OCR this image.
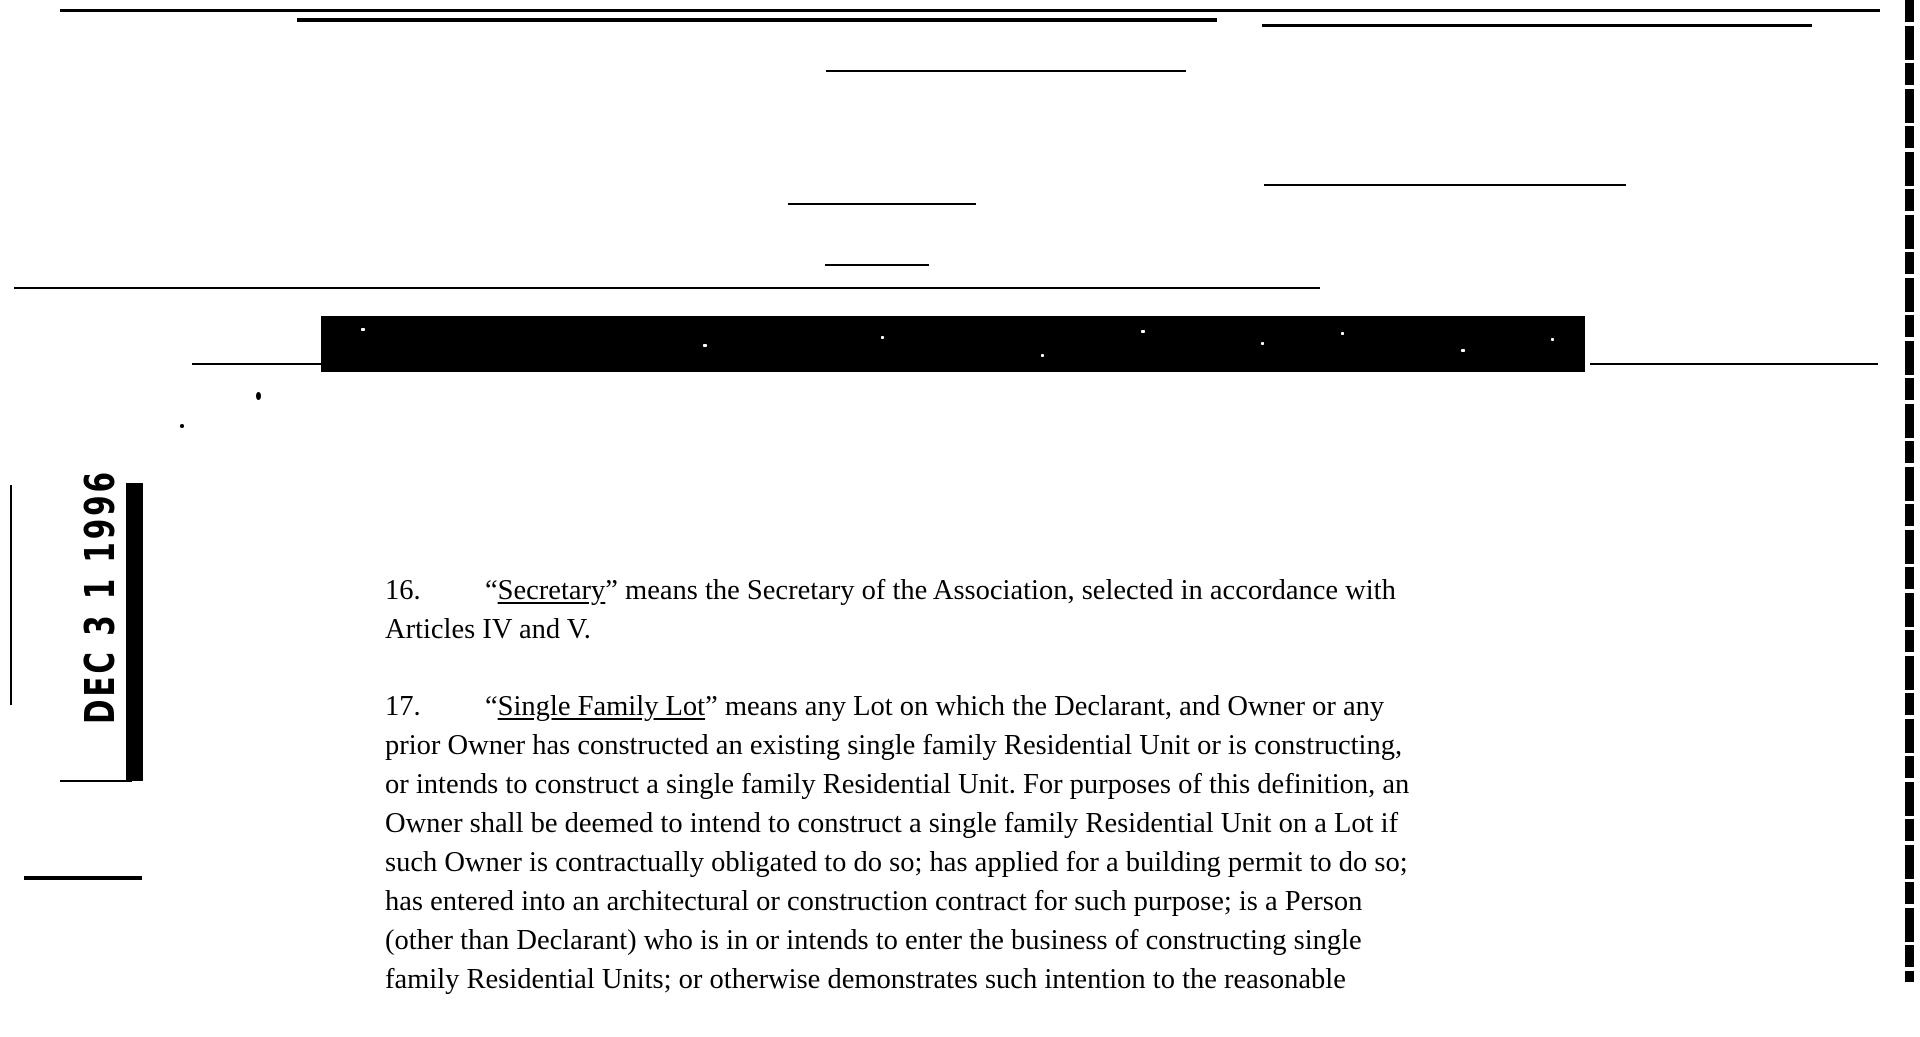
DEC 3 1 1996	16. “Secretary” means the Secretary of the Association, selected in accordance with
Articles IV and V.

17. “Single Family Lot” means any Lot on which the Declarant, and Owner or any
prior Owner has constructed an existing single family Residential Unit or is constructing,
or intends to construct a single family Residential Unit. For purposes of this definition, an
Owner shall be deemed to intend to construct a single family Residential Unit on a Lot if
such Owner is contractually obligated to do so; has applied for a building permit to do so;
has entered into an architectural or construction contract for such purpose; is a Person
(other than Declarant) who is in or intends to enter the business of constructing single
family Residential Units; or otherwise demonstrates such intention to the reasonable
